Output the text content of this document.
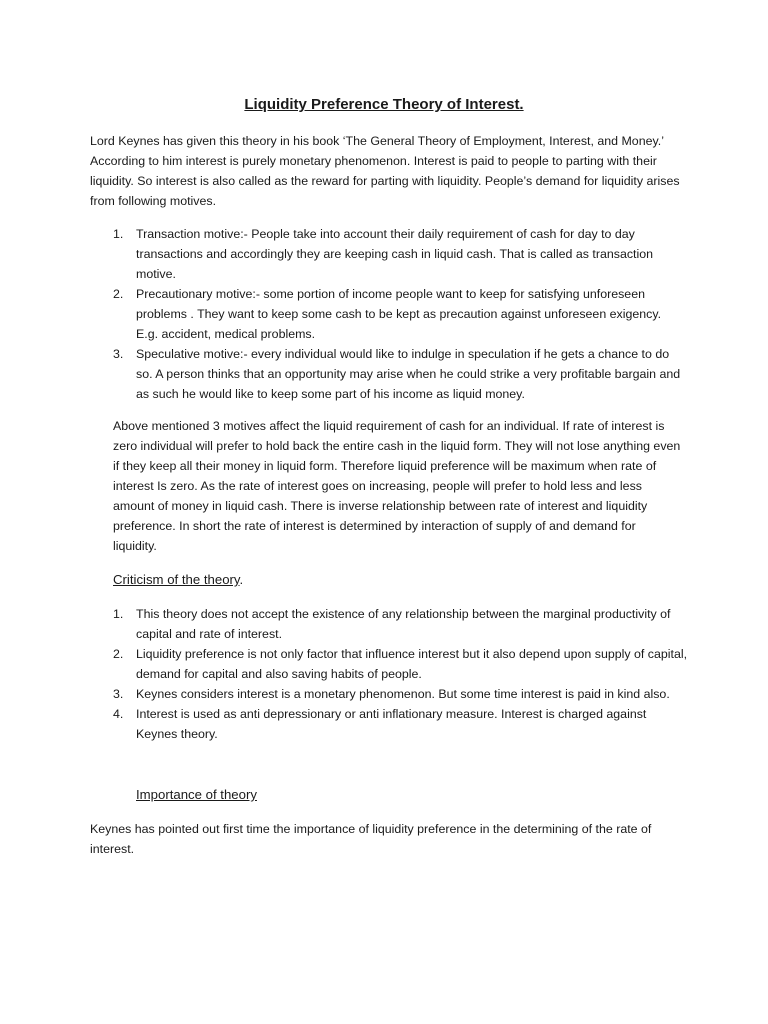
Liquidity Preference Theory of Interest.

Lord Keynes has given this theory in his book ‘The General Theory of Employment, Interest, and Money.’ According to him interest is purely monetary phenomenon. Interest is paid to people to parting with their liquidity. So interest is also called as the reward for parting with liquidity. People’s demand for liquidity arises from following motives.

1. Transaction motive:- People take into account their daily requirement of cash for day to day transactions and accordingly they are keeping cash in liquid cash. That is called as transaction motive.
2. Precautionary motive:- some portion of income people want to keep for satisfying unforeseen problems . They want to keep some cash to be kept as precaution against unforeseen exigency. E.g. accident, medical problems.
3. Speculative motive:- every individual would like to indulge in speculation if he gets a chance to do so. A person thinks that an opportunity may arise when he could strike a very profitable bargain and as such he would like to keep some part of his income as liquid money.

Above mentioned 3 motives affect the liquid requirement of cash for an individual. If rate of interest is zero individual will prefer to hold back the entire cash in the liquid form. They will not lose anything even if they keep all their money in liquid form. Therefore liquid preference will be maximum when rate of interest Is zero. As the rate of interest goes on increasing, people will prefer to hold less and less amount of money in liquid cash. There is inverse relationship between rate of interest and liquidity preference. In short the rate of interest is determined by interaction of supply of and demand for liquidity.

Criticism of the theory.

1. This theory does not accept the existence of any relationship between the marginal productivity of capital and rate of interest.
2. Liquidity preference is not only factor that influence interest but it also depend upon supply of capital, demand for capital and also saving habits of people.
3. Keynes considers interest is a monetary phenomenon. But some time interest is paid in kind also.
4. Interest is used as anti depressionary or anti inflationary measure. Interest is charged against Keynes theory.

Importance of theory

Keynes has pointed out first time the importance of liquidity preference in the determining of the rate of interest.
